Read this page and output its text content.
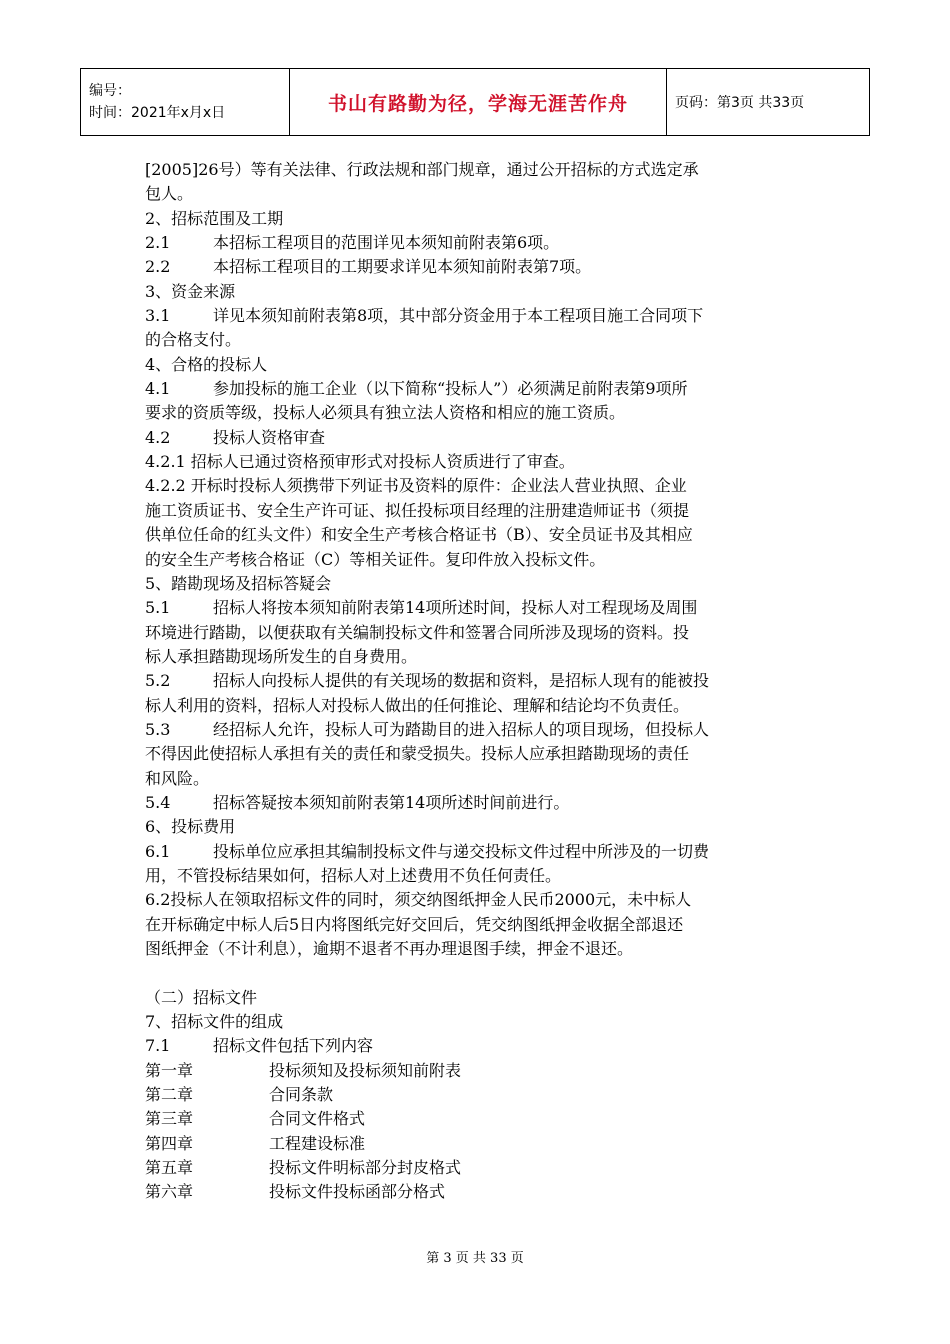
编号：
时间：2021年x月x日	书山有路勤为径，学海无涯苦作舟	页码：第3页 共33页
[2005]26号）等有关法律、行政法规和部门规章，通过公开招标的方式选定承
包人。
2、招标范围及工期
2.1	本招标工程项目的范围详见本须知前附表第6项。
2.2	本招标工程项目的工期要求详见本须知前附表第7项。
3、资金来源
3.1	详见本须知前附表第8项，其中部分资金用于本工程项目施工合同项下
的合格支付。
4、合格的投标人
4.1	参加投标的施工企业（以下简称“投标人”）必须满足前附表第9项所
要求的资质等级，投标人必须具有独立法人资格和相应的施工资质。
4.2	投标人资格审查
4.2.1 招标人已通过资格预审形式对投标人资质进行了审查。
4.2.2 开标时投标人须携带下列证书及资料的原件：企业法人营业执照、企业
施工资质证书、安全生产许可证、拟任投标项目经理的注册建造师证书（须提
供单位任命的红头文件）和安全生产考核合格证书（B）、安全员证书及其相应
的安全生产考核合格证（C）等相关证件。复印件放入投标文件。
5、踏勘现场及招标答疑会
5.1	招标人将按本须知前附表第14项所述时间，投标人对工程现场及周围
环境进行踏勘，以便获取有关编制投标文件和签署合同所涉及现场的资料。投
标人承担踏勘现场所发生的自身费用。
5.2	招标人向投标人提供的有关现场的数据和资料，是招标人现有的能被投
标人利用的资料，招标人对投标人做出的任何推论、理解和结论均不负责任。
5.3	经招标人允许，投标人可为踏勘目的进入招标人的项目现场，但投标人
不得因此使招标人承担有关的责任和蒙受损失。投标人应承担踏勘现场的责任
和风险。
5.4	招标答疑按本须知前附表第14项所述时间前进行。
6、投标费用
6.1	投标单位应承担其编制投标文件与递交投标文件过程中所涉及的一切费
用，不管投标结果如何，招标人对上述费用不负任何责任。
6.2投标人在领取招标文件的同时，须交纳图纸押金人民币2000元，未中标人
在开标确定中标人后5日内将图纸完好交回后，凭交纳图纸押金收据全部退还
图纸押金（不计利息），逾期不退者不再办理退图手续，押金不退还。
（二）招标文件
7、招标文件的组成
7.1	招标文件包括下列内容
第一章	投标须知及投标须知前附表
第二章	合同条款
第三章	合同文件格式
第四章	工程建设标准
第五章	投标文件明标部分封皮格式
第六章	投标文件投标函部分格式
第 3 页 共 33 页
